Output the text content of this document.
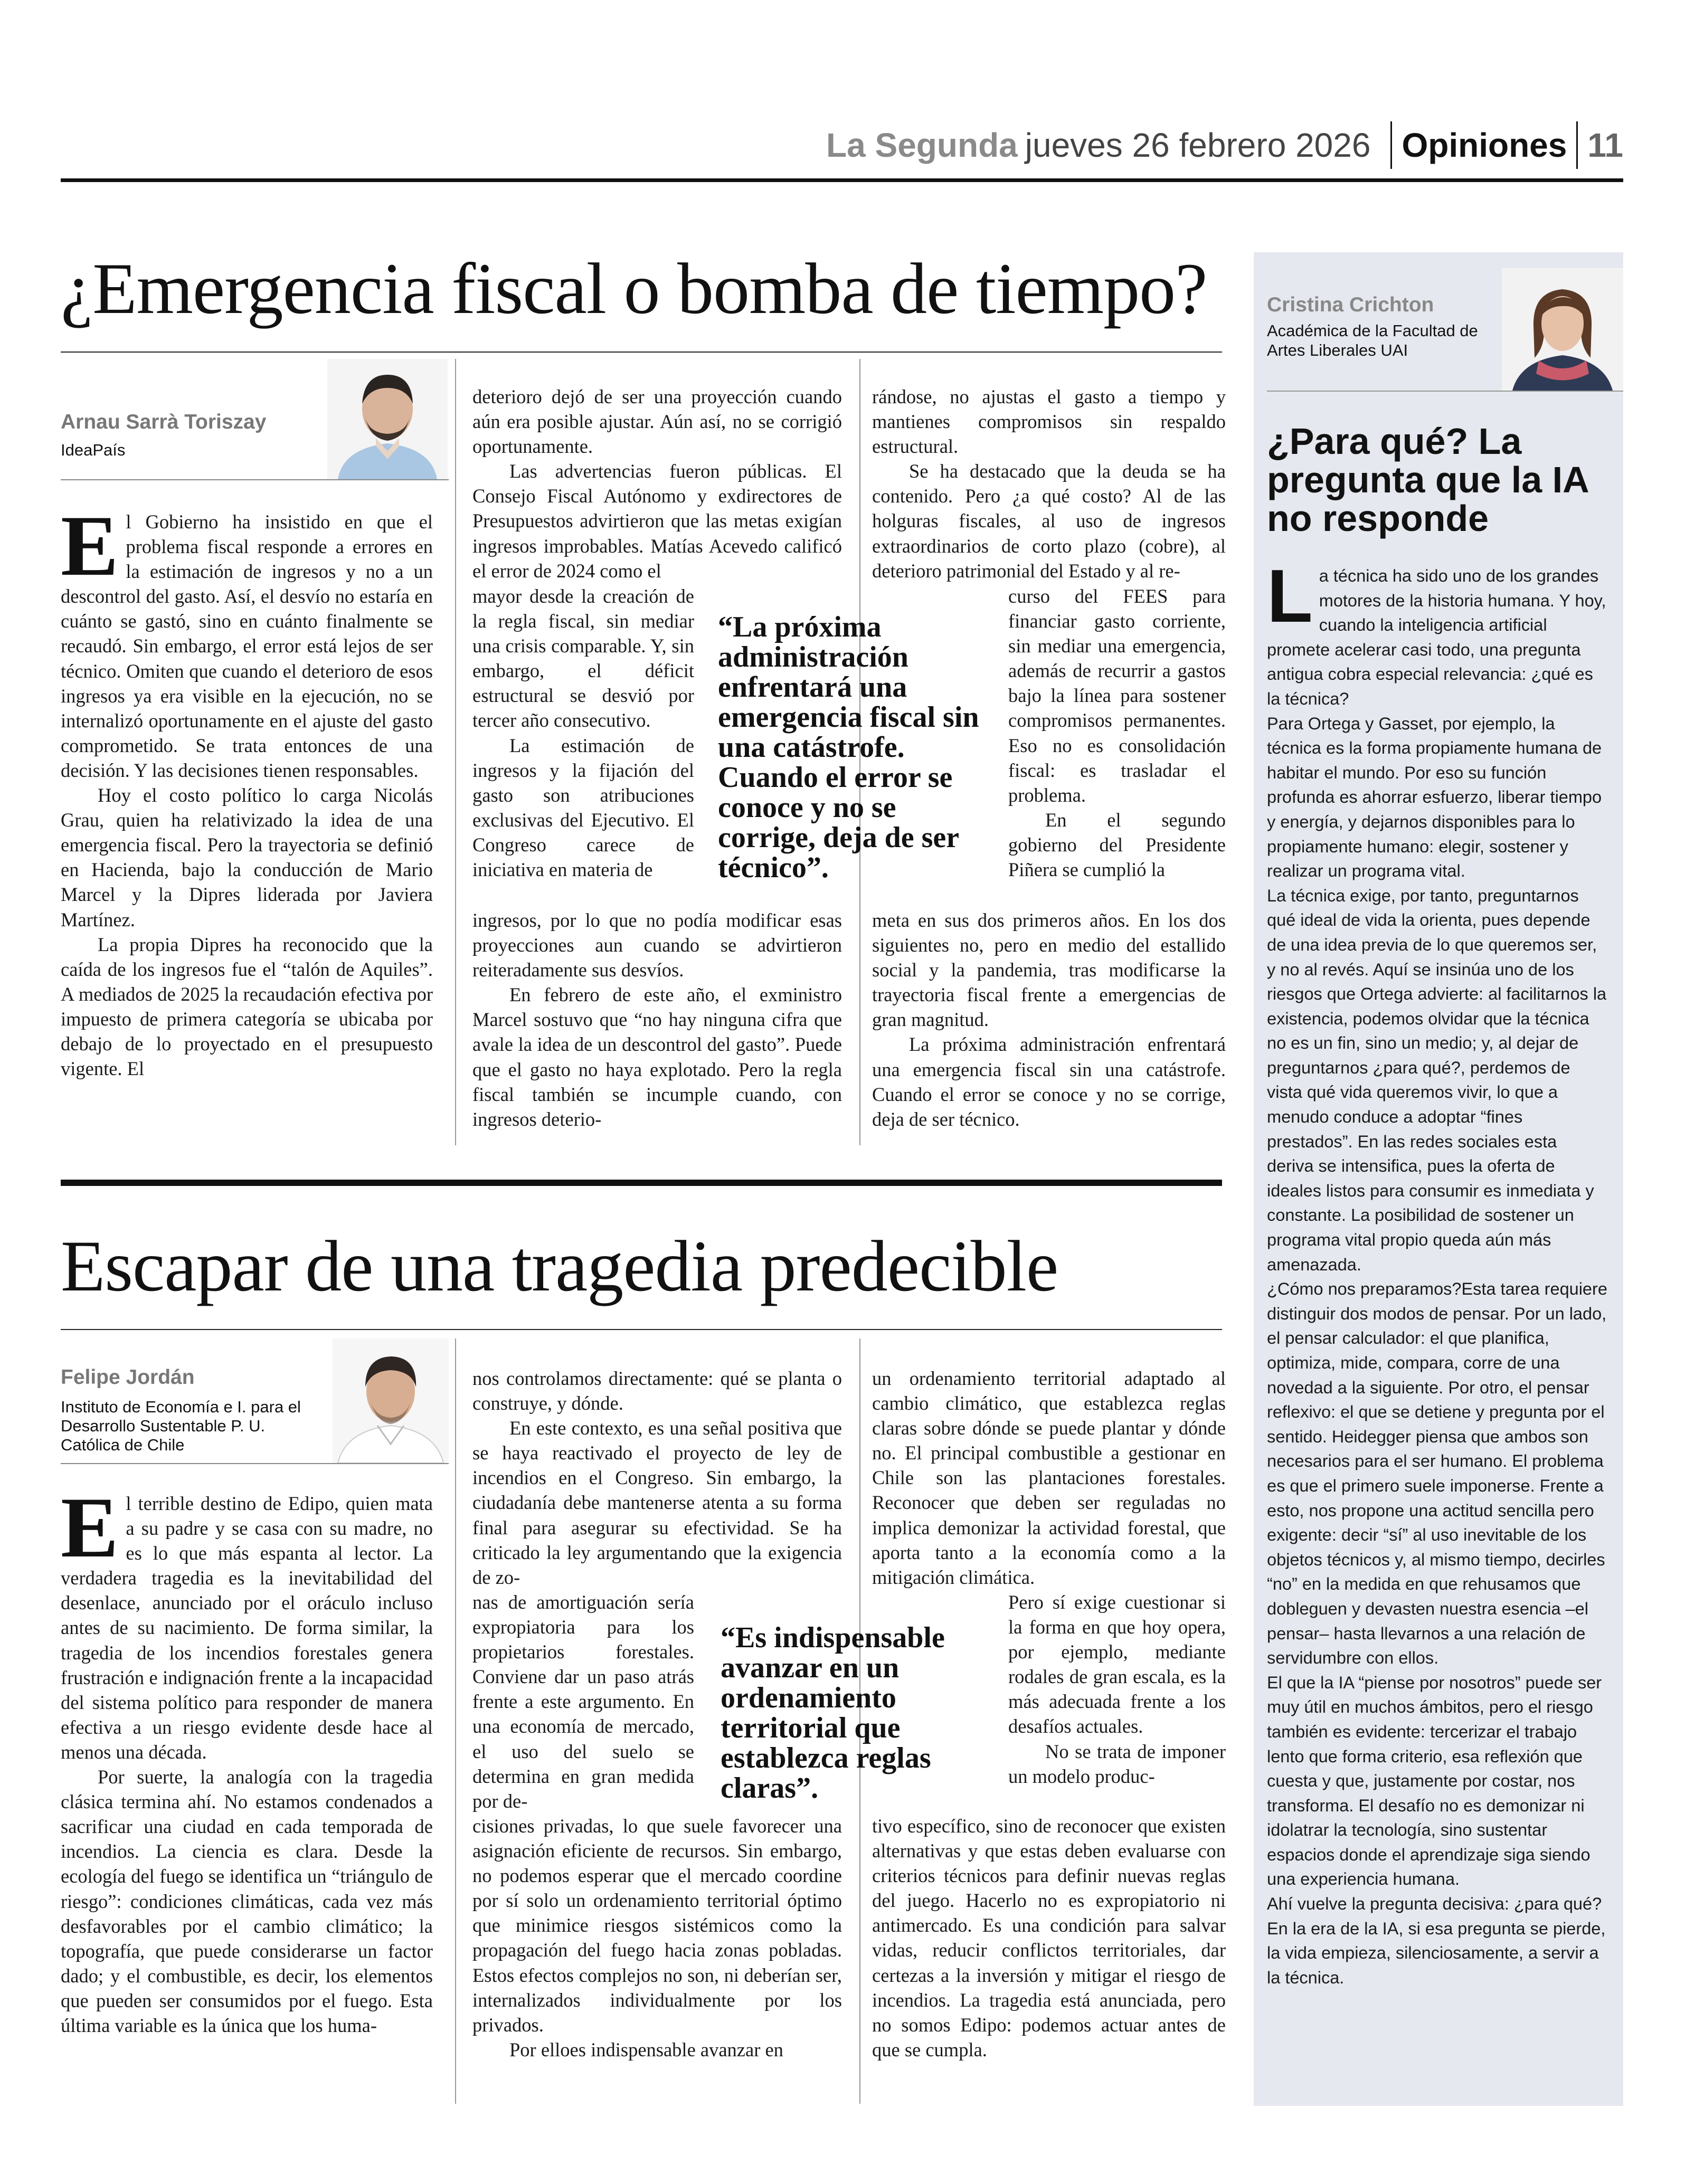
La Segunda jueves 26 febrero 2026 Opiniones 11
¿Emergencia fiscal o bomba de tiempo?
Arnau Sarrà Toriszay
IdeaPaís

El Gobierno ha insistido en que el problema fiscal responde a errores en la estimación de ingresos y no a un descontrol del gasto. Así, el desvío no estaría en cuánto se gastó, sino en cuánto finalmente se recaudó. Sin embargo, el error está lejos de ser técnico. Omiten que cuando el deterioro de esos ingresos ya era visible en la ejecución, no se internalizó oportunamente en el ajuste del gasto comprometido. Se trata entonces de una decisión. Y las decisiones tienen responsables.

Hoy el costo político lo carga Nicolás Grau, quien ha relativizado la idea de una emergencia fiscal. Pero la trayectoria se definió en Hacienda, bajo la conducción de Mario Marcel y la Dipres liderada por Javiera Martínez.

La propia Dipres ha reconocido que la caída de los ingresos fue el “talón de Aquiles”. A mediados de 2025 la recaudación efectiva por impuesto de primera categoría se ubicaba por debajo de lo proyectado en el presupuesto vigente. El

deterioro dejó de ser una proyección cuando aún era posible ajustar. Aún así, no se corrigió oportunamente.

Las advertencias fueron públicas. El Consejo Fiscal Autónomo y exdirectores de Presupuestos advirtieron que las metas exigían ingresos improbables. Matías Acevedo calificó el error de 2024 como el

mayor desde la creación de la regla fiscal, sin mediar una crisis comparable. Y, sin embargo, el déficit estructural se desvió por tercer año consecutivo.

La estimación de ingresos y la fijación del gasto son atribuciones exclusivas del Ejecutivo. El Congreso carece de iniciativa en materia de

ingresos, por lo que no podía modificar esas proyecciones aun cuando se advirtieron reiteradamente sus desvíos.

En febrero de este año, el exministro Marcel sostuvo que “no hay ninguna cifra que avale la idea de un descontrol del gasto”. Puede que el gasto no haya explotado. Pero la regla fiscal también se incumple cuando, con ingresos deterio-

rándose, no ajustas el gasto a tiempo y mantienes compromisos sin respaldo estructural.

Se ha destacado que la deuda se ha contenido. Pero ¿a qué costo? Al de las holguras fiscales, al uso de ingresos extraordinarios de corto plazo (cobre), al deterioro patrimonial del Estado y al re-

curso del FEES para financiar gasto corriente, sin mediar una emergencia, además de recurrir a gastos bajo la línea para sostener compromisos permanentes. Eso no es consolidación fiscal: es trasladar el problema.

En el segundo gobierno del Presidente Piñera se cumplió la

meta en sus dos primeros años. En los dos siguientes no, pero en medio del estallido social y la pandemia, tras modificarse la trayectoria fiscal frente a emergencias de gran magnitud.

La próxima administración enfrentará una emergencia fiscal sin una catástrofe. Cuando el error se conoce y no se corrige, deja de ser técnico.

“La próxima administración enfrentará una emergencia fiscal sin una catástrofe. Cuando el error se conoce y no se corrige, deja de ser técnico”.
Escapar de una tragedia predecible
Felipe Jordán
Instituto de Economía e I. para el Desarrollo Sustentable P. U. Católica de Chile

El terrible destino de Edipo, quien mata a su padre y se casa con su madre, no es lo que más espanta al lector. La verdadera tragedia es la inevitabilidad del desenlace, anunciado por el oráculo incluso antes de su nacimiento. De forma similar, la tragedia de los incendios forestales genera frustración e indignación frente a la incapacidad del sistema político para responder de manera efectiva a un riesgo evidente desde hace al menos una década.

Por suerte, la analogía con la tragedia clásica termina ahí. No estamos condenados a sacrificar una ciudad en cada temporada de incendios. La ciencia es clara. Desde la ecología del fuego se identifica un “triángulo de riesgo”: condiciones climáticas, cada vez más desfavorables por el cambio climático; la topografía, que puede considerarse un factor dado; y el combustible, es decir, los elementos que pueden ser consumidos por el fuego. Esta última variable es la única que los huma-

nos controlamos directamente: qué se planta o construye, y dónde.

En este contexto, es una señal positiva que se haya reactivado el proyecto de ley de incendios en el Congreso. Sin embargo, la ciudadanía debe mantenerse atenta a su forma final para asegurar su efectividad. Se ha criticado la ley argumentando que la exigencia de zo-

nas de amortiguación sería expropiatoria para los propietarios forestales. Conviene dar un paso atrás frente a este argumento. En una economía de mercado, el uso del suelo se determina en gran medida por de-

cisiones privadas, lo que suele favorecer una asignación eficiente de recursos. Sin embargo, no podemos esperar que el mercado coordine por sí solo un ordenamiento territorial óptimo que minimice riesgos sistémicos como la propagación del fuego hacia zonas pobladas. Estos efectos complejos no son, ni deberían ser, internalizados individualmente por los privados.

Por elloes indispensable avanzar en

un ordenamiento territorial adaptado al cambio climático, que establezca reglas claras sobre dónde se puede plantar y dónde no. El principal combustible a gestionar en Chile son las plantaciones forestales. Reconocer que deben ser reguladas no implica demonizar la actividad forestal, que aporta tanto a la economía como a la mitigación climática.

Pero sí exige cuestionar si la forma en que hoy opera, por ejemplo, mediante rodales de gran escala, es la más adecuada frente a los desafíos actuales.

No se trata de imponer un modelo produc-

tivo específico, sino de reconocer que existen alternativas y que estas deben evaluarse con criterios técnicos para definir nuevas reglas del juego. Hacerlo no es expropiatorio ni antimercado. Es una condición para salvar vidas, reducir conflictos territoriales, dar certezas a la inversión y mitigar el riesgo de incendios. La tragedia está anunciada, pero no somos Edipo: podemos actuar antes de que se cumpla.

“Es indispensable avanzar en un ordenamiento territorial que establezca reglas claras”.
Cristina Crichton
Académica de la Facultad de Artes Liberales UAI
¿Para qué? La pregunta que la IA no responde

La técnica ha sido uno de los grandes motores de la historia humana. Y hoy, cuando la inteligencia artificial promete acelerar casi todo, una pregunta antigua cobra especial relevancia: ¿qué es la técnica?

Para Ortega y Gasset, por ejemplo, la técnica es la forma propiamente humana de habitar el mundo. Por eso su función profunda es ahorrar esfuerzo, liberar tiempo y energía, y dejarnos disponibles para lo propiamente humano: elegir, sostener y realizar un programa vital.

La técnica exige, por tanto, preguntarnos qué ideal de vida la orienta, pues depende de una idea previa de lo que queremos ser, y no al revés. Aquí se insinúa uno de los riesgos que Ortega advierte: al facilitarnos la existencia, podemos olvidar que la técnica no es un fin, sino un medio; y, al dejar de preguntarnos ¿para qué?, perdemos de vista qué vida queremos vivir, lo que a menudo conduce a adoptar “fines prestados”. En las redes sociales esta deriva se intensifica, pues la oferta de ideales listos para consumir es inmediata y constante. La posibilidad de sostener un programa vital propio queda aún más amenazada.

¿Cómo nos preparamos?Esta tarea requiere distinguir dos modos de pensar. Por un lado, el pensar calculador: el que planifica, optimiza, mide, compara, corre de una novedad a la siguiente. Por otro, el pensar reflexivo: el que se detiene y pregunta por el sentido. Heidegger piensa que ambos son necesarios para el ser humano. El problema es que el primero suele imponerse. Frente a esto, nos propone una actitud sencilla pero exigente: decir “sí” al uso inevitable de los objetos técnicos y, al mismo tiempo, decirles “no” en la medida en que rehusamos que dobleguen y devasten nuestra esencia –el pensar– hasta llevarnos a una relación de servidumbre con ellos.

El que la IA “piense por nosotros” puede ser muy útil en muchos ámbitos, pero el riesgo también es evidente: tercerizar el trabajo lento que forma criterio, esa reflexión que cuesta y que, justamente por costar, nos transforma. El desafío no es demonizar ni idolatrar la tecnología, sino sustentar espacios donde el aprendizaje siga siendo una experiencia humana.

Ahí vuelve la pregunta decisiva: ¿para qué? En la era de la IA, si esa pregunta se pierde, la vida empieza, silenciosamente, a servir a la técnica.
